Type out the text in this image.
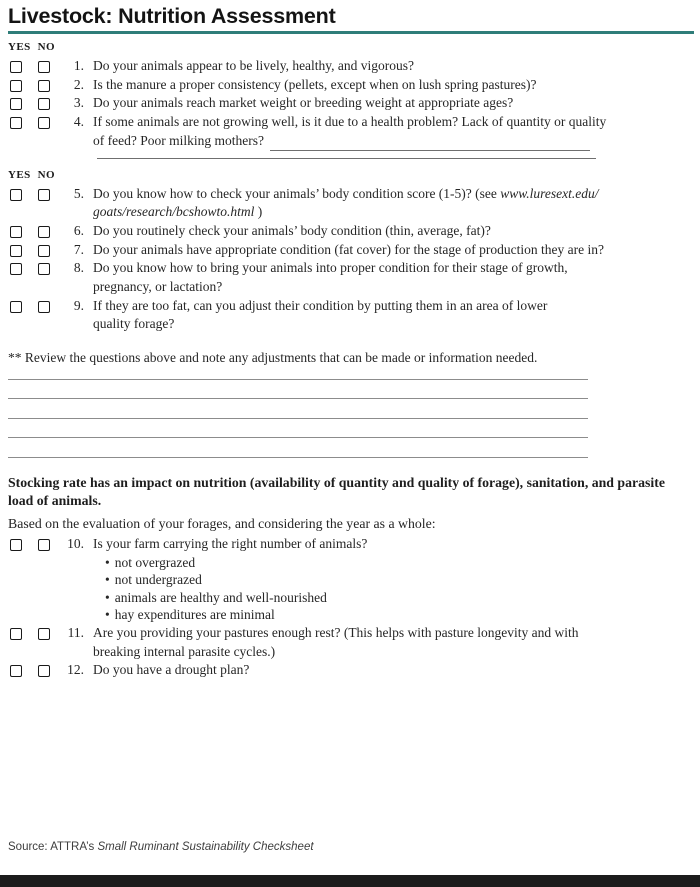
Livestock: Nutrition Assessment
YES NO
1. Do your animals appear to be lively, healthy, and vigorous?
2. Is the manure a proper consistency (pellets, except when on lush spring pastures)?
3. Do your animals reach market weight or breeding weight at appropriate ages?
4. If some animals are not growing well, is it due to a health problem? Lack of quantity or quality
of feed? Poor milking mothers?
YES NO
5. Do you know how to check your animals’ body condition score (1-5)? (see www.luresext.edu/
goats/research/bcshowto.html )
6. Do you routinely check your animals’ body condition (thin, average, fat)?
7. Do your animals have appropriate condition (fat cover) for the stage of production they are in?
8. Do you know how to bring your animals into proper condition for their stage of growth,
pregnancy, or lactation?
9. If they are too fat, can you adjust their condition by putting them in an area of lower
quality forage?

** Review the questions above and note any adjustments that can be made or information needed.

Stocking rate has an impact on nutrition (availability of quantity and quality of forage), sanitation, and parasite load of animals.

Based on the evaluation of your forages, and considering the year as a whole:

10. Is your farm carrying the right number of animals?
• not overgrazed
• not undergrazed
• animals are healthy and well-nourished
• hay expenditures are minimal
11. Are you providing your pastures enough rest? (This helps with pasture longevity and with
breaking internal parasite cycles.)
12. Do you have a drought plan?

Source: ATTRA’s Small Ruminant Sustainability Checksheet
